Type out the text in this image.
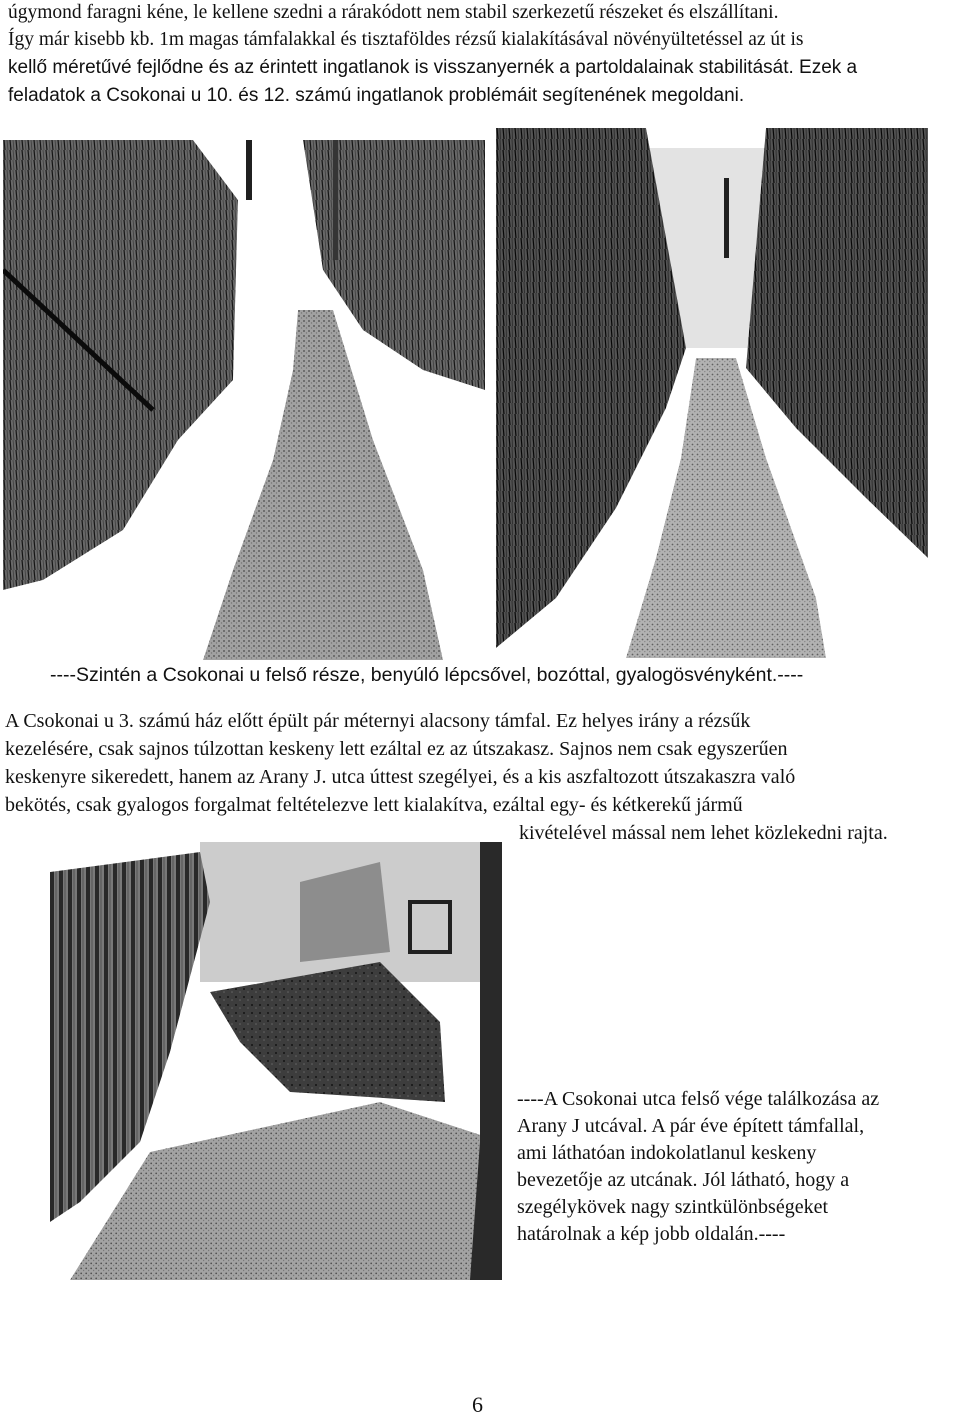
úgymond faragni kéne, le kellene szedni a rárakódott nem stabil szerkezetű részeket és elszállítani.
Így már kisebb kb. 1m magas támfalakkal és tisztaföldes rézsű kialakításával növényültetéssel az út is
kellő méretűvé fejlődne és az érintett ingatlanok is visszanyernék a partoldalainak stabilitását. Ezek a
feladatok a Csokonai u 10. és 12. számú ingatlanok problémáit segítenének megoldani.
----Szintén a Csokonai u felső része, benyúló lépcsővel, bozóttal, gyalogösvényként.----
A Csokonai u 3. számú ház előtt épült pár méternyi alacsony támfal. Ez helyes irány a rézsűk
kezelésére, csak sajnos túlzottan keskeny lett ezáltal ez az útszakasz. Sajnos nem csak egyszerűen
keskenyre sikeredett, hanem az Arany J. utca úttest szegélyei, és a kis aszfaltozott útszakaszra való
bekötés, csak gyalogos forgalmat feltételezve lett kialakítva, ezáltal egy- és kétkerekű jármű
kivételével mással nem lehet közlekedni rajta.
----A Csokonai utca felső vége találkozása az
Arany J utcával. A pár éve épített támfallal,
ami láthatóan indokolatlanul keskeny
bevezetője az utcának. Jól látható, hogy a
szegélykövek nagy szintkülönbségeket
határolnak a kép jobb oldalán.----
6
